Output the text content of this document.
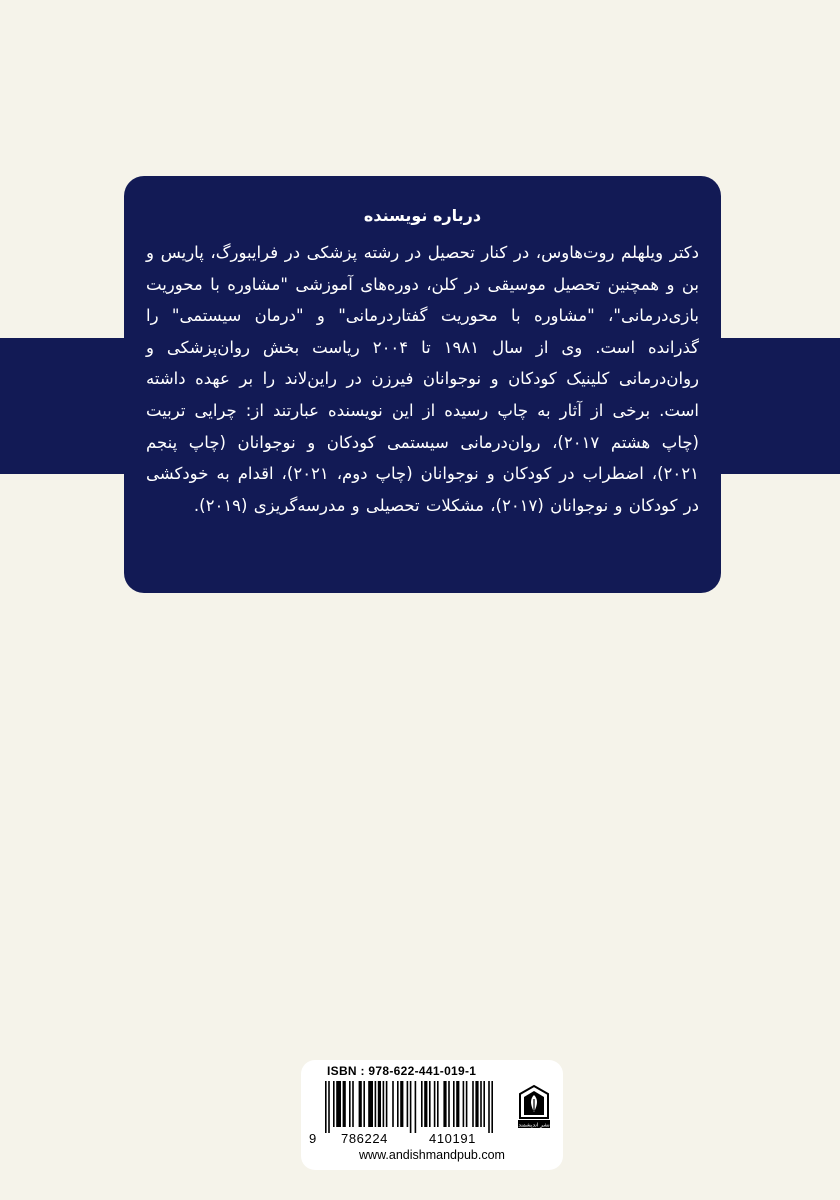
درباره نویسنده

دکتر ویلهلم روت‌هاوس، در کنار تحصیل در رشته پزشکی در فرایبورگ، پاریس و بن و همچنین تحصیل موسیقی در کلن، دوره‌های آموزشی "مشاوره با محوریت بازی‌درمانی"، "مشاوره با محوریت گفتاردرمانی" و "درمان سیستمی" را گذرانده است. وی از سال ۱۹۸۱ تا ۲۰۰۴ ریاست بخش روان‌پزشکی و روان‌درمانی کلینیک کودکان و نوجوانان فیرزن در راین‌لاند را بر عهده داشته است. برخی از آثار به چاپ رسیده از این نویسنده عبارتند از: چرایی تربیت (چاپ هشتم ۲۰۱۷)، روان‌درمانی سیستمی کودکان و نوجوانان (چاپ پنجم ۲۰۲۱)، اضطراب در کودکان و نوجوانان (چاپ دوم، ۲۰۲۱)، اقدام به خودکشی در کودکان و نوجوانان (۲۰۱۷)، مشکلات تحصیلی و مدرسه‌گریزی (۲۰۱۹).

ISBN : 978-622-441-019-1
9 786224	410191
نشر اندیشمند
www.andishmandpub.com
